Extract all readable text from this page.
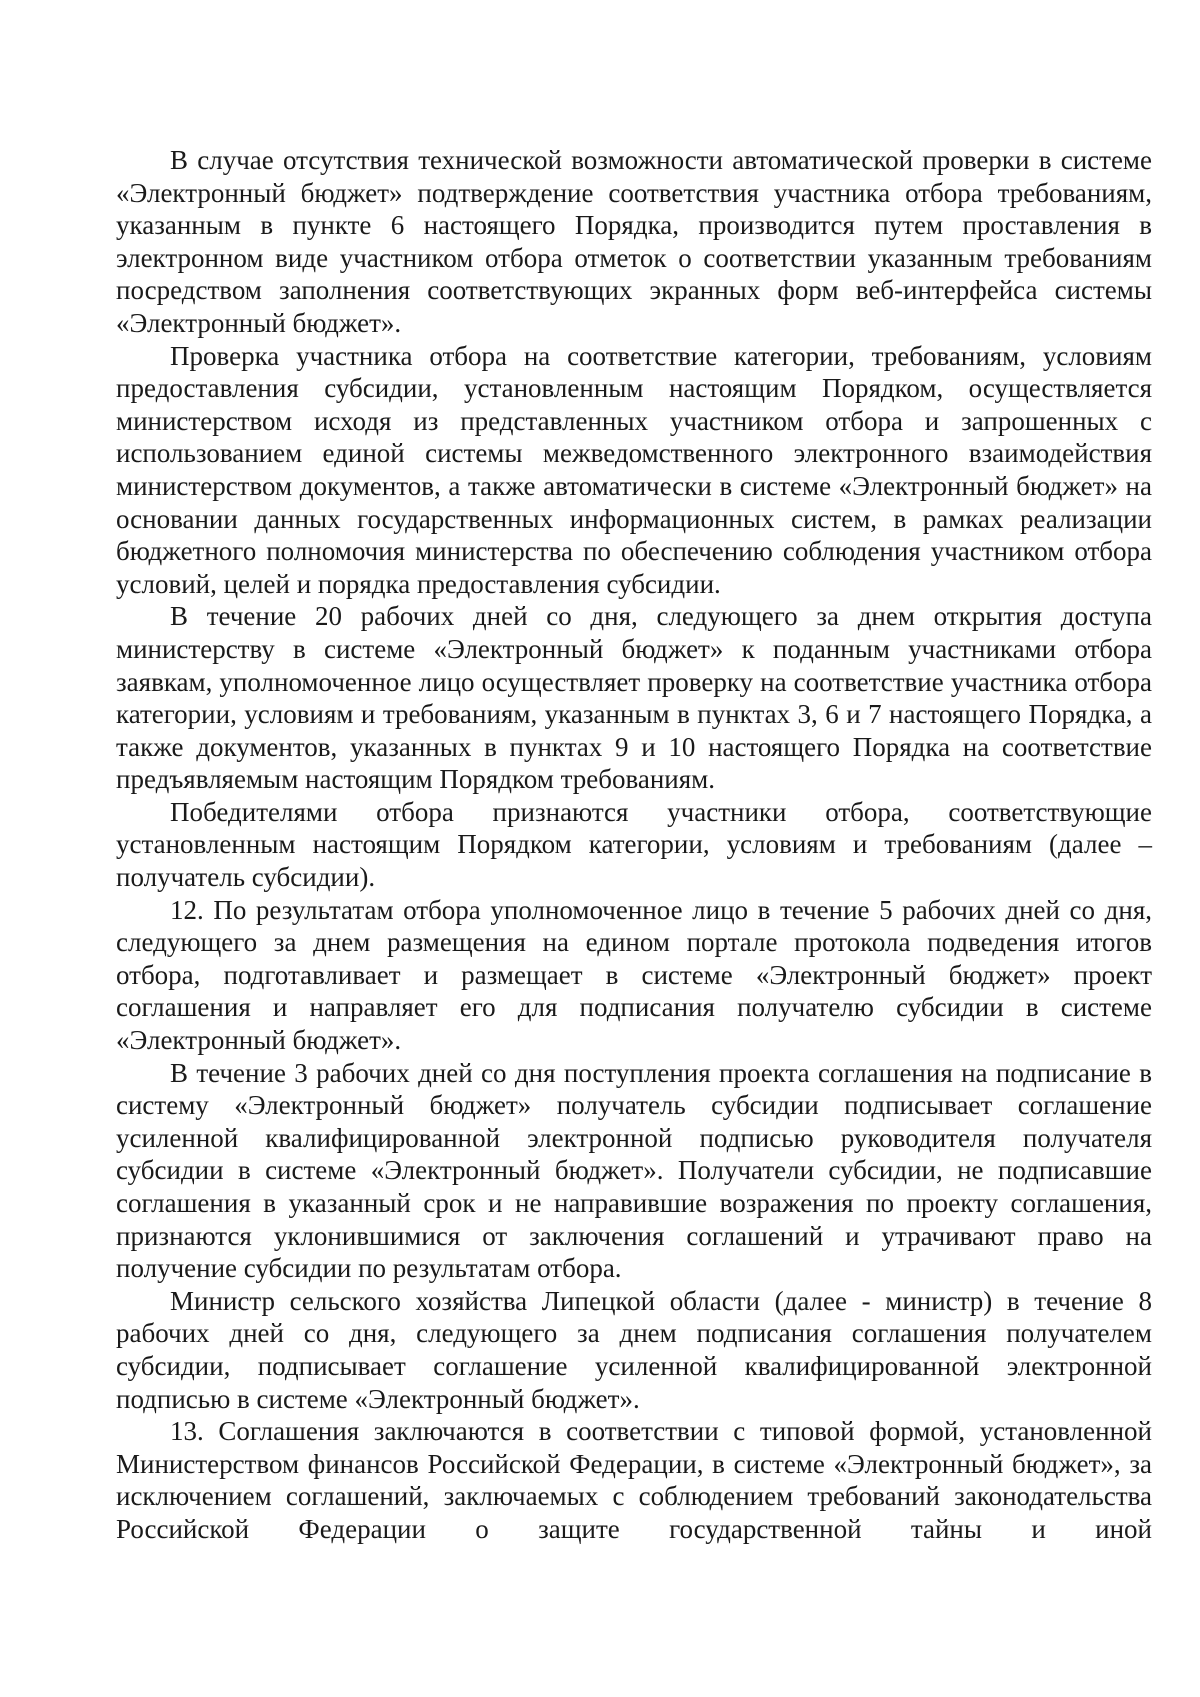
В случае отсутствия технической возможности автоматической проверки в системе «Электронный бюджет» подтверждение соответствия участника отбора требованиям, указанным в пункте 6 настоящего Порядка, производится путем проставления в электронном виде участником отбора отметок о соответствии указанным требованиям посредством заполнения соответствующих экранных форм веб-интерфейса системы «Электронный бюджет».

Проверка участника отбора на соответствие категории, требованиям, условиям предоставления субсидии, установленным настоящим Порядком, осуществляется министерством исходя из представленных участником отбора и запрошенных с использованием единой системы межведомственного электронного взаимодействия министерством документов, а также автоматически в системе «Электронный бюджет» на основании данных государственных информационных систем, в рамках реализации бюджетного полномочия министерства по обеспечению соблюдения участником отбора условий, целей и порядка предоставления субсидии.

В течение 20 рабочих дней со дня, следующего за днем открытия доступа министерству в системе «Электронный бюджет» к поданным участниками отбора заявкам, уполномоченное лицо осуществляет проверку на соответствие участника отбора категории, условиям и требованиям, указанным в пунктах 3, 6 и 7 настоящего Порядка, а также документов, указанных в пунктах 9 и 10 настоящего Порядка на соответствие предъявляемым настоящим Порядком требованиям.

Победителями отбора признаются участники отбора, соответствующие установленным настоящим Порядком категории, условиям и требованиям (далее – получатель субсидии).

12. По результатам отбора уполномоченное лицо в течение 5 рабочих дней со дня, следующего за днем размещения на едином портале протокола подведения итогов отбора, подготавливает и размещает в системе «Электронный бюджет» проект соглашения и направляет его для подписания получателю субсидии в системе «Электронный бюджет».

В течение 3 рабочих дней со дня поступления проекта соглашения на подписание в систему «Электронный бюджет» получатель субсидии подписывает соглашение усиленной квалифицированной электронной подписью руководителя получателя субсидии в системе «Электронный бюджет». Получатели субсидии, не подписавшие соглашения в указанный срок и не направившие возражения по проекту соглашения, признаются уклонившимися от заключения соглашений и утрачивают право на получение субсидии по результатам отбора.

Министр сельского хозяйства Липецкой области (далее - министр) в течение 8 рабочих дней со дня, следующего за днем подписания соглашения получателем субсидии, подписывает соглашение усиленной квалифицированной электронной подписью в системе «Электронный бюджет».

13. Соглашения заключаются в соответствии с типовой формой, установленной Министерством финансов Российской Федерации, в системе «Электронный бюджет», за исключением соглашений, заключаемых с соблюдением требований законодательства Российской Федерации о защите государственной тайны и иной
